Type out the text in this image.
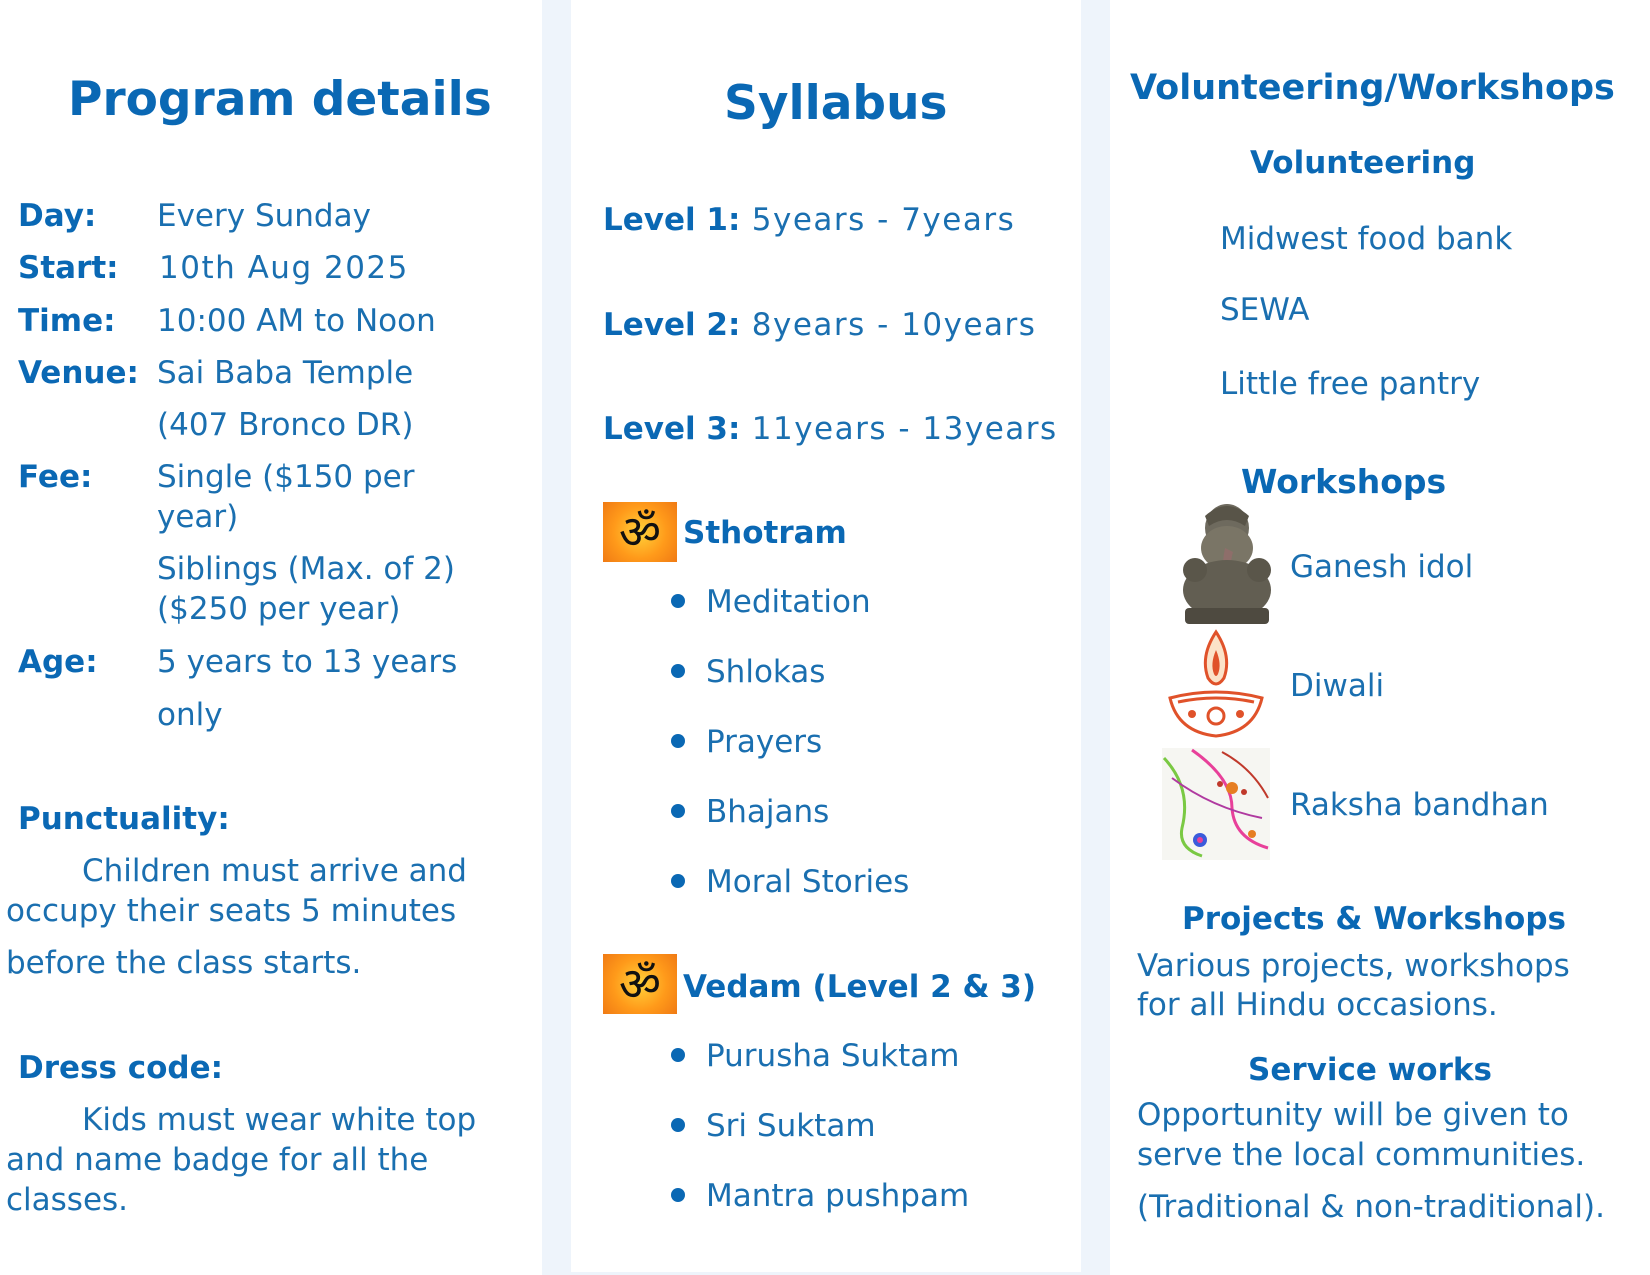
Program details
Day: Every Sunday
Start: 10th Aug 2025
Time: 10:00 AM to Noon
Venue: Sai Baba Temple
(407 Bronco DR)
Fee: Single ($150 per
year)
Siblings (Max. of 2)
($250 per year)
Age: 5 years to 13 years
only
Punctuality:
Children must arrive and
occupy their seats 5 minutes
before the class starts.
Dress code:
Kids must wear white top
and name badge for all the
classes.
Syllabus
Level 1: 5years - 7years
Level 2: 8years - 10years
Level 3: 11years - 13years
ॐ Sthotram
Meditation
Shlokas
Prayers
Bhajans
Moral Stories
ॐ Vedam (Level 2 & 3)
Purusha Suktam
Sri Suktam
Mantra pushpam
Volunteering/Workshops
Volunteering
Midwest food bank
SEWA
Little free pantry
Workshops
Ganesh idol
Diwali
Raksha bandhan
Projects & Workshops
Various projects, workshops
for all Hindu occasions.
Service works
Opportunity will be given to
serve the local communities.
(Traditional & non-traditional).
